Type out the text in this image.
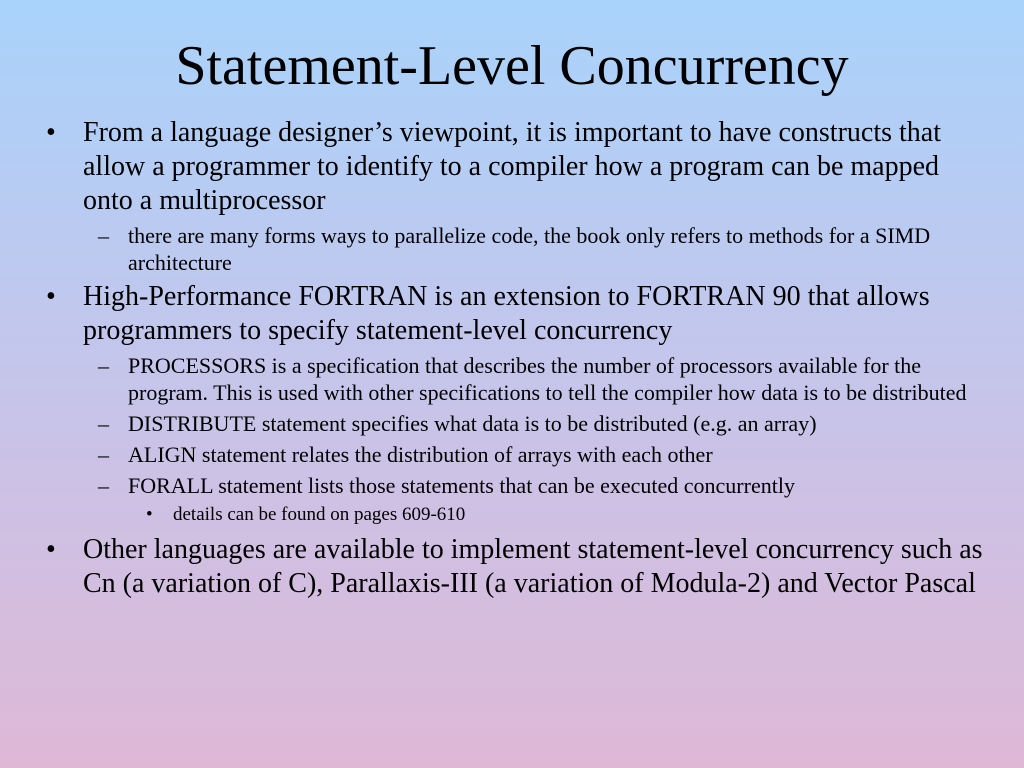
Statement-Level Concurrency
• From a language designer’s viewpoint, it is important to have constructs that allow a programmer to identify to a compiler how a program can be mapped onto a multiprocessor
– there are many forms ways to parallelize code, the book only refers to methods for a SIMD architecture
• High-Performance FORTRAN is an extension to FORTRAN 90 that allows programmers to specify statement-level concurrency
– PROCESSORS is a specification that describes the number of processors available for the program. This is used with other specifications to tell the compiler how data is to be distributed
– DISTRIBUTE statement specifies what data is to be distributed (e.g. an array)
– ALIGN statement relates the distribution of arrays with each other
– FORALL statement lists those statements that can be executed concurrently
• details can be found on pages 609-610
• Other languages are available to implement statement-level concurrency such as Cn (a variation of C), Parallaxis-III (a variation of Modula-2) and Vector Pascal
